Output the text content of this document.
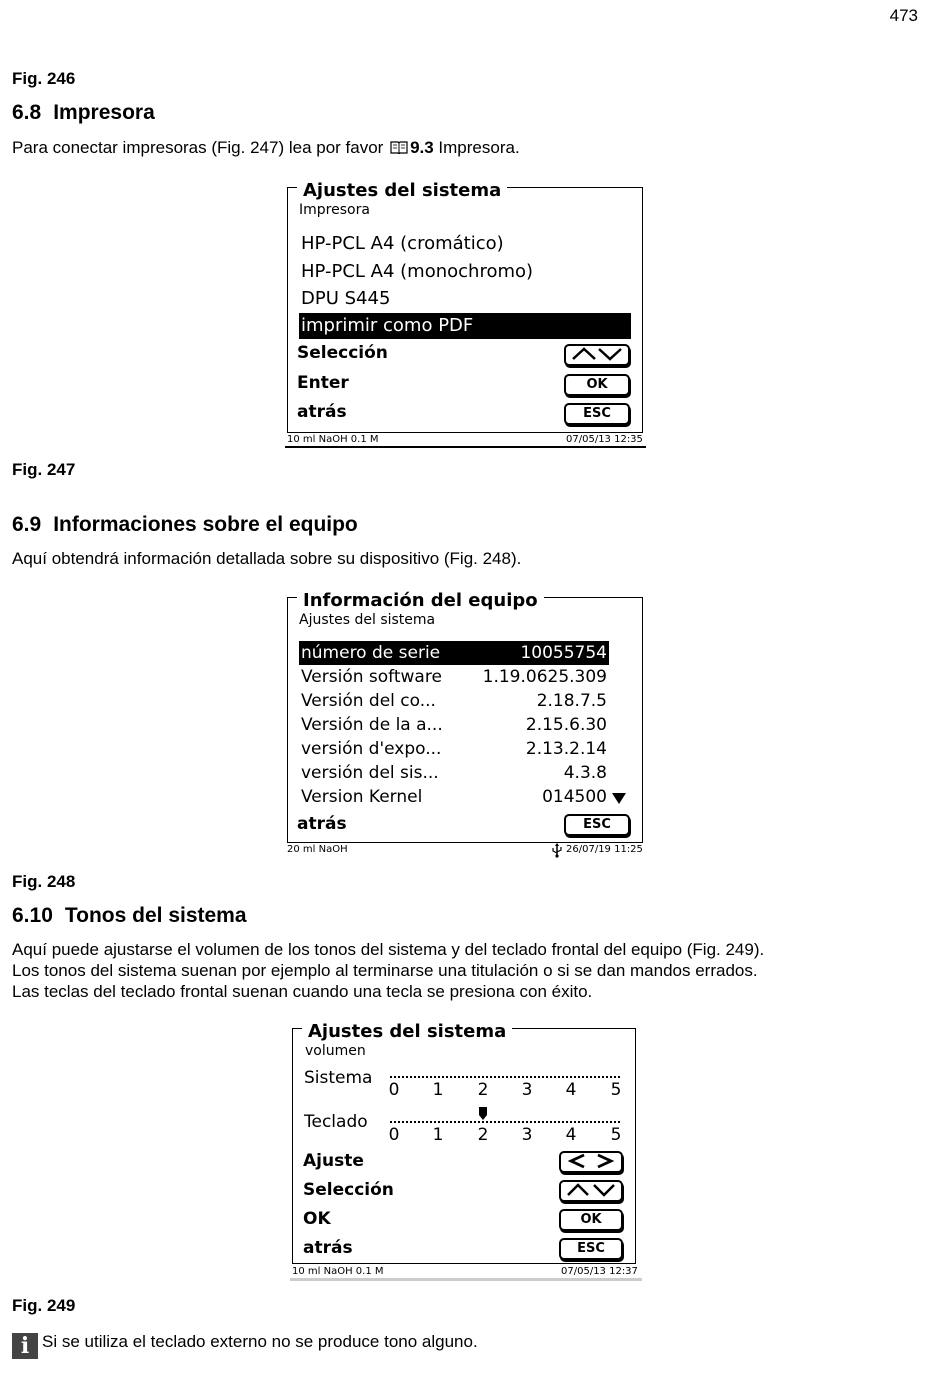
473
Fig. 246
6.8 Impresora
Para conectar impresoras (Fig. 247) lea por favor 9.3 Impresora.
Ajustes del sistema
Impresora
HP-PCL A4 (cromático)
HP-PCL A4 (monochromo)
DPU S445
imprimir como PDF
Selección
Enter	OK
atrás	ESC
10 ml NaOH 0.1 M	07/05/13 12:35
Fig. 247
6.9 Informaciones sobre el equipo
Aquí obtendrá información detallada sobre su dispositivo (Fig. 248).
Información del equipo
Ajustes del sistema
número de serie	10055754
Versión software 1.19.0625.309
Versión del co...	2.18.7.5
Versión de la a...	2.15.6.30
versión d'expo...	2.13.2.14
versión del sis...	4.3.8
Version Kernel	014500
atrás	ESC
20 ml NaOH	26/07/19 11:25
Fig. 248
6.10 Tonos del sistema
Aquí puede ajustarse el volumen de los tonos del sistema y del teclado frontal del equipo (Fig. 249).
Los tonos del sistema suenan por ejemplo al terminarse una titulación o si se dan mandos errados.
Las teclas del teclado frontal suenan cuando una tecla se presiona con éxito.
Ajustes del sistema
volumen
Sistema
0 1 2 3 4 5
Teclado
0 1 2 3 4 5
Ajuste
Selección
OK	OK
atrás	ESC
10 ml NaOH 0.1 M	07/05/13 12:37
Fig. 249
i Si se utiliza el teclado externo no se produce tono alguno.
